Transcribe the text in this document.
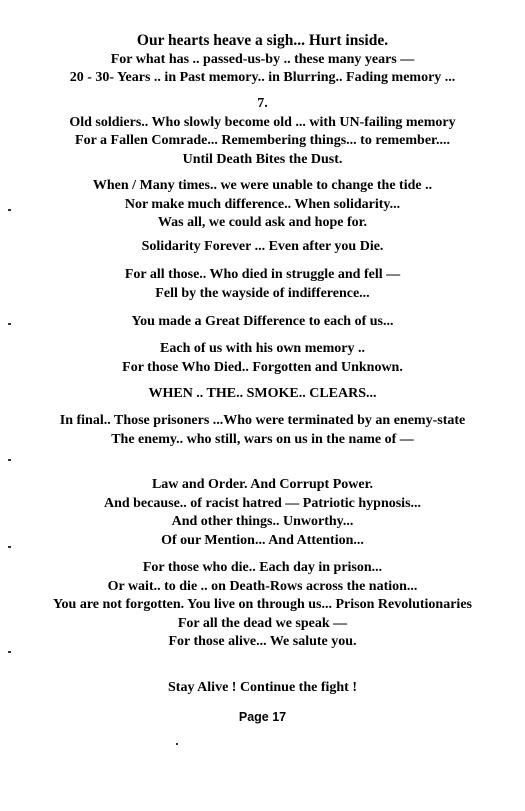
Our hearts heave a sigh... Hurt inside.
For what has .. passed-us-by .. these many years —
20 - 30- Years .. in Past memory.. in Blurring.. Fading memory ...
7.
Old soldiers.. Who slowly become old ... with UN-failing memory
For a Fallen Comrade... Remembering things... to remember....
Until Death Bites the Dust.
When / Many times.. we were unable to change the tide ..
Nor make much difference.. When solidarity...
Was all, we could ask and hope for.
Solidarity Forever ... Even after you Die.
For all those.. Who died in struggle and fell —
Fell by the wayside of indifference...
You made a Great Difference to each of us...
Each of us with his own memory ..
For those Who Died.. Forgotten and Unknown.
WHEN .. THE.. SMOKE.. CLEARS...
In final.. Those prisoners ...Who were terminated by an enemy-state
The enemy.. who still, wars on us in the name of —
Law and Order. And Corrupt Power.
And because.. of racist hatred — Patriotic hypnosis...
And other things.. Unworthy...
Of our Mention... And Attention...
For those who die.. Each day in prison...
Or wait.. to die .. on Death-Rows across the nation...
You are not forgotten. You live on through us... Prison Revolutionaries
For all the dead we speak —
For those alive... We salute you.
Stay Alive ! Continue the fight !
Page 17
